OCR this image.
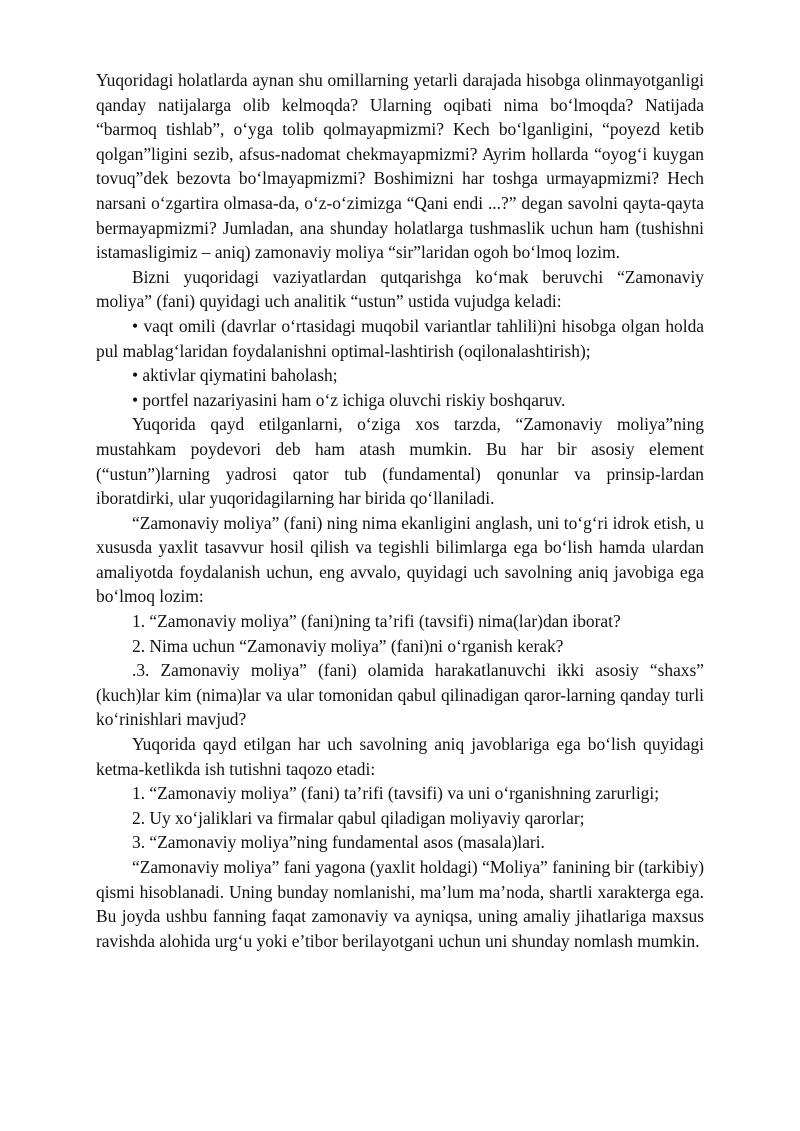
Yuqoridagi holatlarda aynan shu omillarning yetarli darajada hisobga olinmayotganligi qanday natijalarga olib kelmoqda? Ularning oqibati nima boʻlmoqda? Natijada “barmoq tishlab”, oʻyga tolib qolmayapmizmi? Kech boʻlganligini, “poyezd ketib qolgan”ligini sezib, afsus-nadomat chekmayapmizmi? Ayrim hollarda “oyogʻi kuygan tovuq”dek bezovta boʻlmayapmizmi? Boshimizni har toshga urmayapmizmi? Hech narsani oʻzgartira olmasa-da, oʻz-oʻzimizga “Qani endi ...?” degan savolni qayta-qayta bermayapmizmi? Jumladan, ana shunday holatlarga tushmaslik uchun ham (tushishni istamasligimiz – aniq) zamonaviy moliya “sir”laridan ogoh boʻlmoq lozim.

Bizni yuqoridagi vaziyatlardan qutqarishga koʻmak beruvchi “Zamonaviy moliya” (fani) quyidagi uch analitik “ustun” ustida vujudga keladi:

• vaqt omili (davrlar oʻrtasidagi muqobil variantlar tahlili)ni hisobga olgan holda pul mablagʻlaridan foydalanishni optimal-lashtirish (oqilonalashtirish);

• aktivlar qiymatini baholash;

• portfel nazariyasini ham oʻz ichiga oluvchi riskiy boshqaruv.

Yuqorida qayd etilganlarni, oʻziga xos tarzda, “Zamonaviy moliya”ning mustahkam poydevori deb ham atash mumkin. Bu har bir asosiy element (“ustun”)larning yadrosi qator tub (fundamental) qonunlar va prinsip-lardan iboratdirki, ular yuqoridagilarning har birida qoʻllaniladi.

“Zamonaviy moliya” (fani) ning nima ekanligini anglash, uni toʻgʻri idrok etish, u xususda yaxlit tasavvur hosil qilish va tegishli bilimlarga ega boʻlish hamda ulardan amaliyotda foydalanish uchun, eng avvalo, quyidagi uch savolning aniq javobiga ega boʻlmoq lozim:

1. “Zamonaviy moliya” (fani)ning ta’rifi (tavsifi) nima(lar)dan iborat?

2. Nima uchun “Zamonaviy moliya” (fani)ni oʻrganish kerak?

.3. Zamonaviy moliya” (fani) olamida harakatlanuvchi ikki asosiy “shaxs” (kuch)lar kim (nima)lar va ular tomonidan qabul qilinadigan qaror-larning qanday turli koʻrinishlari mavjud?

Yuqorida qayd etilgan har uch savolning aniq javoblariga ega boʻlish quyidagi ketma-ketlikda ish tutishni taqozo etadi:

1. “Zamonaviy moliya” (fani) ta’rifi (tavsifi) va uni oʻrganishning zarurligi;

2. Uy xoʻjaliklari va firmalar qabul qiladigan moliyaviy qarorlar;

3. “Zamonaviy moliya”ning fundamental asos (masala)lari.

“Zamonaviy moliya” fani yagona (yaxlit holdagi) “Moliya” fanining bir (tarkibiy) qismi hisoblanadi. Uning bunday nomlanishi, ma’lum ma’noda, shartli xarakterga ega. Bu joyda ushbu fanning faqat zamonaviy va ayniqsa, uning amaliy jihatlariga maxsus ravishda alohida urgʻu yoki e’tibor berilayotgani uchun uni shunday nomlash mumkin.
